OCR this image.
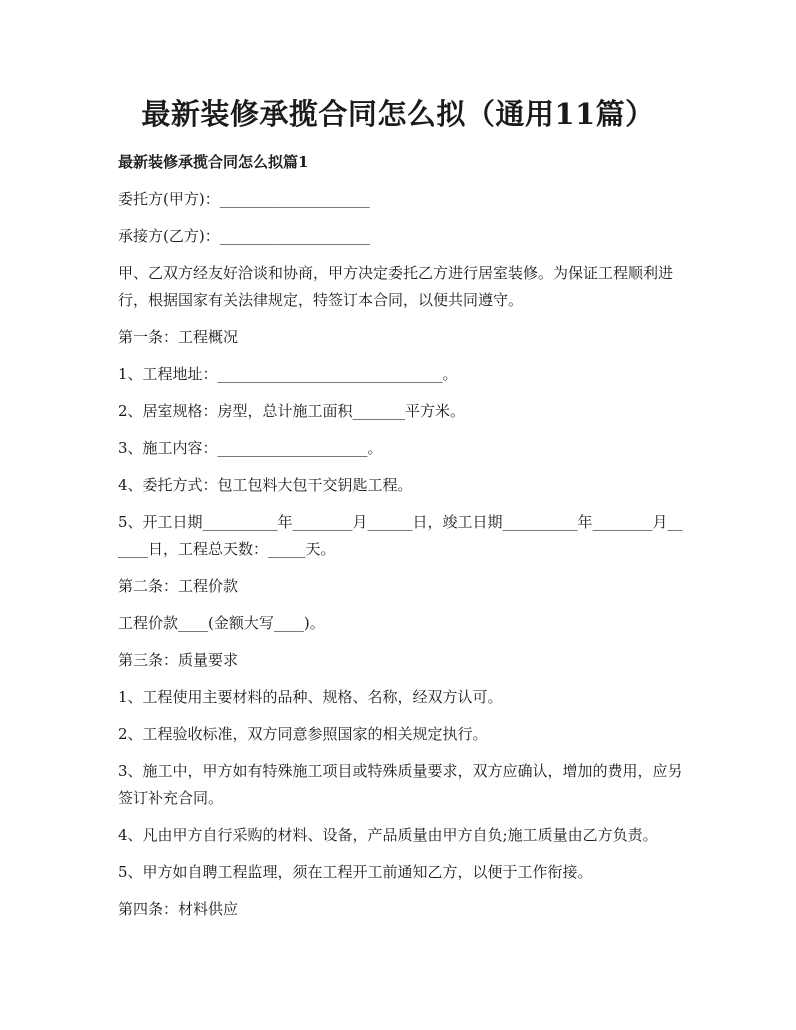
最新装修承揽合同怎么拟（通用11篇）

最新装修承揽合同怎么拟篇1

委托方(甲方)：____________________

承接方(乙方)：____________________

甲、乙双方经友好洽谈和协商，甲方决定委托乙方进行居室装修。为保证工程顺利进行，根据国家有关法律规定，特签订本合同，以便共同遵守。

第一条：工程概况

1、工程地址：______________________________。

2、居室规格：房型，总计施工面积_______平方米。

3、施工内容：____________________。

4、委托方式：包工包料大包干交钥匙工程。

5、开工日期__________年________月______日，竣工日期__________年________月______日，工程总天数：_____天。

第二条：工程价款

工程价款____(金额大写____)。

第三条：质量要求

1、工程使用主要材料的品种、规格、名称，经双方认可。

2、工程验收标准，双方同意参照国家的相关规定执行。

3、施工中，甲方如有特殊施工项目或特殊质量要求，双方应确认，增加的费用，应另签订补充合同。

4、凡由甲方自行采购的材料、设备，产品质量由甲方自负;施工质量由乙方负责。

5、甲方如自聘工程监理，须在工程开工前通知乙方，以便于工作衔接。

第四条：材料供应
